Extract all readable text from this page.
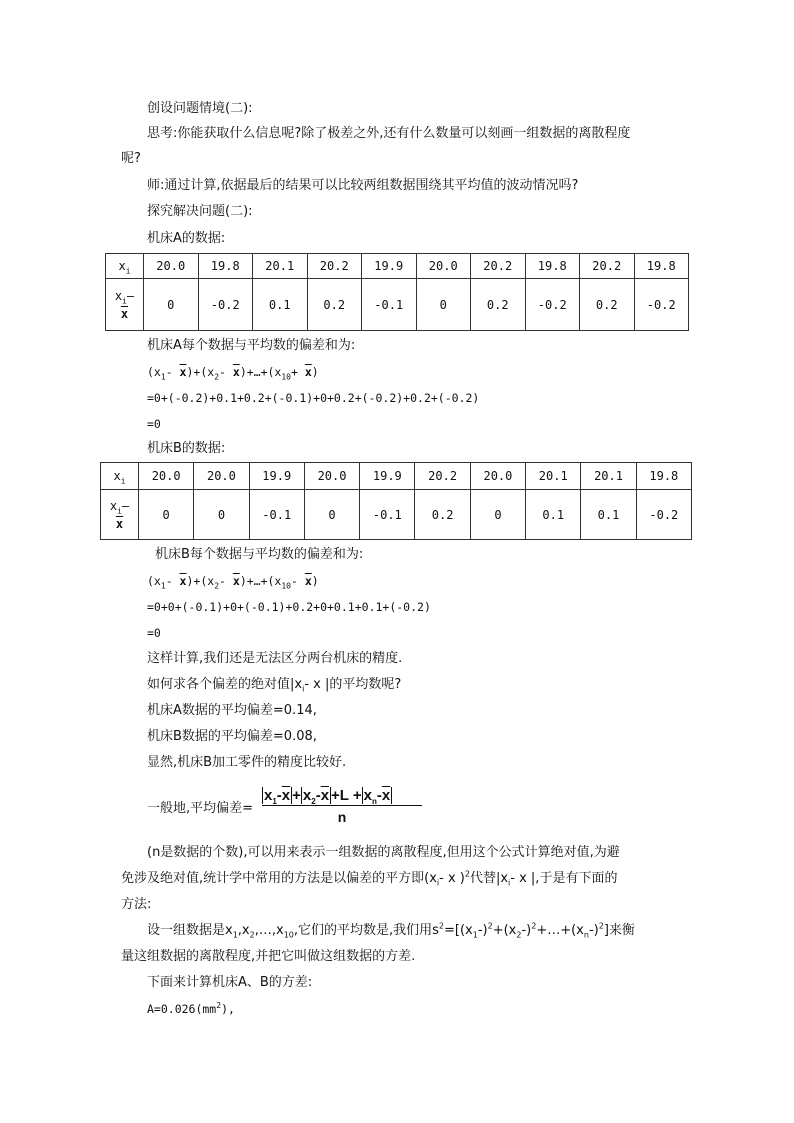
创设问题情境(二):
思考:你能获取什么信息呢?除了极差之外,还有什么数量可以刻画一组数据的离散程度
呢?
师:通过计算,依据最后的结果可以比较两组数据围绕其平均值的波动情况吗?
探究解决问题(二):
机床A的数据:
$x_i$	20.0	19.8	20.1	20.2	19.9	20.0	20.2	19.8	20.2	19.8

$x_i-$
$\overline{x}$	0	-0.2	0.1	0.2	-0.1	0	0.2	-0.2	0.2	-0.2
机床A每个数据与平均数的偏差和为:
($x_1-$ $\overline{x})+(x_2-$ $\overline{x})+\dots+(x_{10}+ \overline{x})$
=0+(-0.2)+0.1+0.2+(-0.1)+0+0.2+(-0.2)+0.2+(-0.2)
=0
机床B的数据:
$x_i$	20.0	20.0	19.9	20.0	19.9	20.2	20.0	20.1	20.1	19.8

$x_i-$
$\overline{x}$	0	0	-0.1	0	-0.1	0.2	0	0.1	0.1	-0.2
机床B每个数据与平均数的偏差和为:
($x_1-$ $\overline{x})+(x_2-$ $\overline{x})+\dots+(x_{10}-$ $\overline{x}$)
=0+0+(-0.1)+0+(-0.1)+0.2+0+0.1+0.1+(-0.2)
=0
这样计算,我们还是无法区分两台机床的精度.
如何求各个偏差的绝对值$|x_i-$ x |的平均数呢?
机床A数据的平均偏差=0.14,
机床B数据的平均偏差=0.08,
显然,机床B加工零件的精度比较好.
一般地,平均偏差= $\frac{x_1-\overline{x} + x_2-\overline{x} +L + x_n-\overline{x}}{n}$
(n是数据的个数),可以用来表示一组数据的离散程度,但用这个公式计算绝对值,为避
免涉及绝对值,统计学中常用的方法是以偏差的平方即($x_i-$ x )$^2$代替$|x_i-$ x |,于是有下面的
方法:
设一组数据是$x_1,x_2,\dots,x_{10}$,它们的平均数是,我们用$s^2=[(x_1-)^2+(x_2-)^2+\dots+(x_n-)^2]$来衡
量这组数据的离散程度,并把它叫做这组数据的方差.
下面来计算机床A、B的方差:
$A=0.026(mm^2)$,
